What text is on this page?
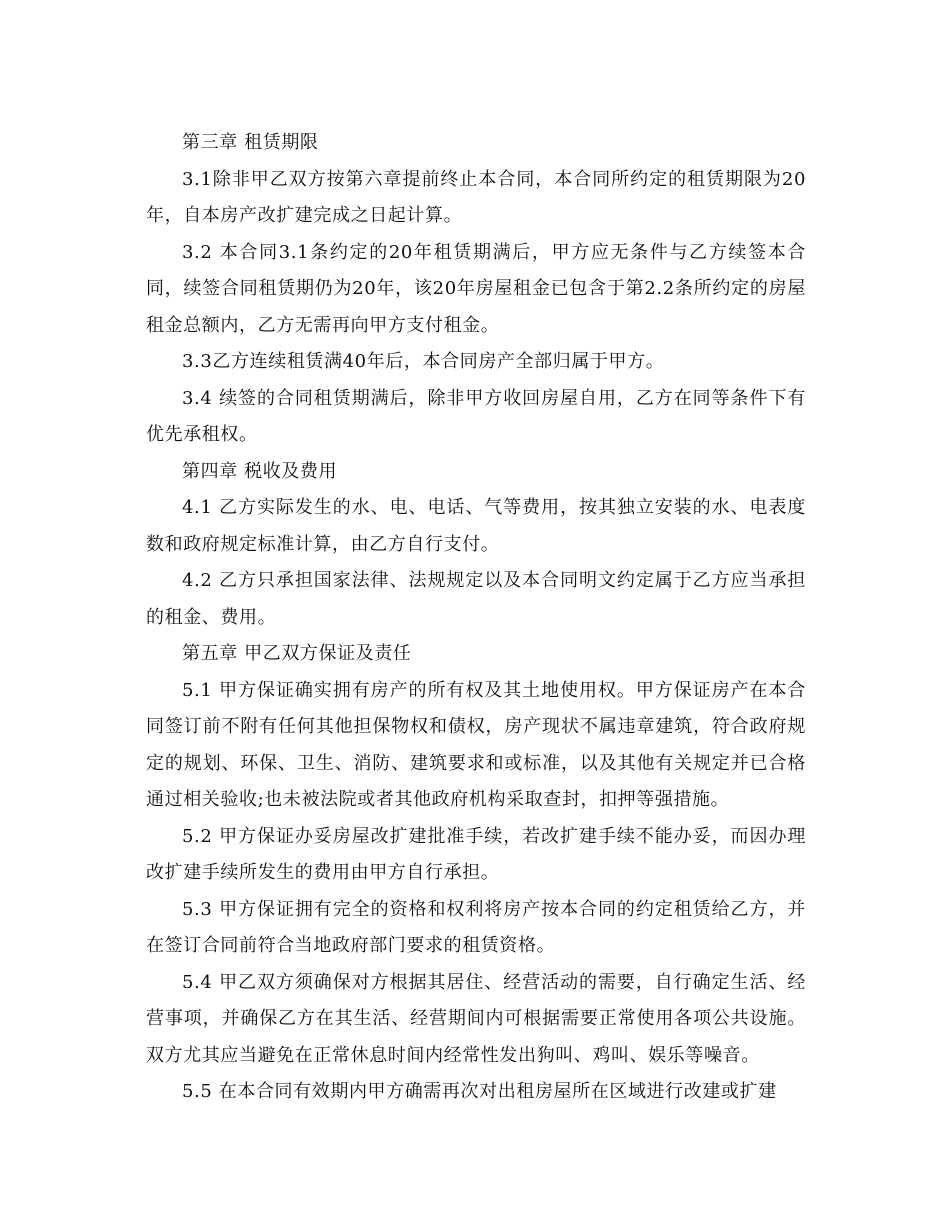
第三章 租赁期限

3.1除非甲乙双方按第六章提前终止本合同，本合同所约定的租赁期限为20年，自本房产改扩建完成之日起计算。

3.2 本合同3.1条约定的20年租赁期满后，甲方应无条件与乙方续签本合同，续签合同租赁期仍为20年，该20年房屋租金已包含于第2.2条所约定的房屋租金总额内，乙方无需再向甲方支付租金。

3.3乙方连续租赁满40年后，本合同房产全部归属于甲方。

3.4 续签的合同租赁期满后，除非甲方收回房屋自用，乙方在同等条件下有优先承租权。

第四章 税收及费用

4.1 乙方实际发生的水、电、电话、气等费用，按其独立安装的水、电表度数和政府规定标准计算，由乙方自行支付。

4.2 乙方只承担国家法律、法规规定以及本合同明文约定属于乙方应当承担的租金、费用。

第五章 甲乙双方保证及责任

5.1 甲方保证确实拥有房产的所有权及其土地使用权。甲方保证房产在本合同签订前不附有任何其他担保物权和债权，房产现状不属违章建筑，符合政府规定的规划、环保、卫生、消防、建筑要求和或标准，以及其他有关规定并已合格通过相关验收;也未被法院或者其他政府机构采取查封，扣押等强措施。

5.2 甲方保证办妥房屋改扩建批准手续，若改扩建手续不能办妥，而因办理改扩建手续所发生的费用由甲方自行承担。

5.3 甲方保证拥有完全的资格和权利将房产按本合同的约定租赁给乙方，并在签订合同前符合当地政府部门要求的租赁资格。

5.4 甲乙双方须确保对方根据其居住、经营活动的需要，自行确定生活、经营事项，并确保乙方在其生活、经营期间内可根据需要正常使用各项公共设施。双方尤其应当避免在正常休息时间内经常性发出狗叫、鸡叫、娱乐等噪音。

5.5 在本合同有效期内甲方确需再次对出租房屋所在区域进行改建或扩建
